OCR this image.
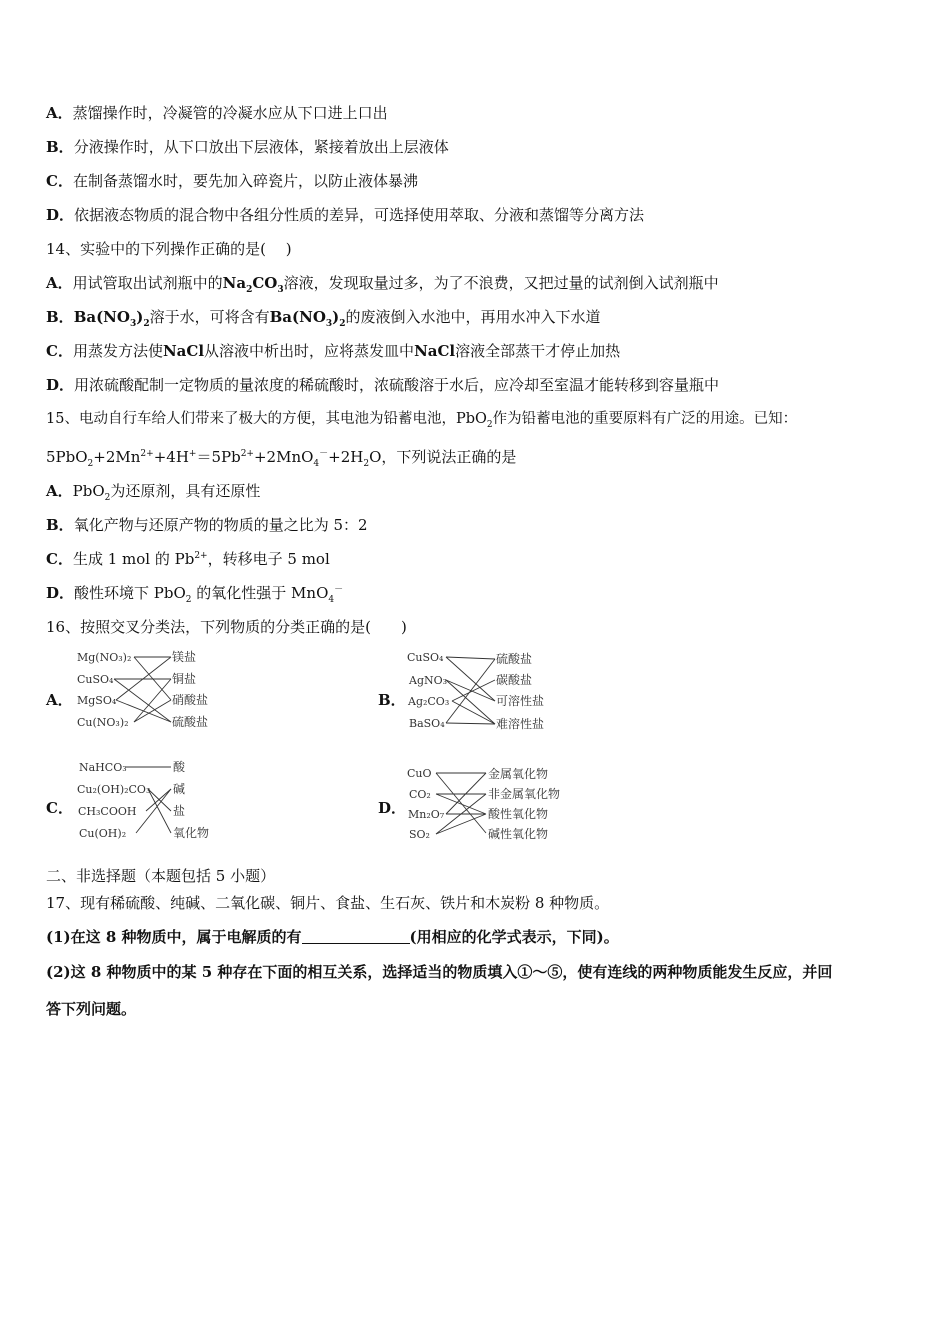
A．蒸馏操作时，冷凝管的冷凝水应从下口进上口出
B．分液操作时，从下口放出下层液体，紧接着放出上层液体
C．在制备蒸馏水时，要先加入碎瓷片，以防止液体暴沸
D．依据液态物质的混合物中各组分性质的差异，可选择使用萃取、分液和蒸馏等分离方法
14、实验中的下列操作正确的是(　 )
A．用试管取出试剂瓶中的$Na_2CO_3$溶液，发现取量过多，为了不浪费，又把过量的试剂倒入试剂瓶中
B．$Ba(NO_3)_2$溶于水，可将含有$Ba(NO_3)_2$的废液倒入水池中，再用水冲入下水道
C．用蒸发方法使NaCl从溶液中析出时，应将蒸发皿中NaCl溶液全部蒸干才停止加热
D．用浓硫酸配制一定物质的量浓度的稀硫酸时，浓硫酸溶于水后，应冷却至室温才能转移到容量瓶中
15、电动自行车给人们带来了极大的方便，其电池为铅蓄电池，PbO$_2$作为铅蓄电池的重要原料有广泛的用途。已知：
$5PbO_2+2Mn^{2+}+4H^+=5Pb^{2+}+2MnO_4^-+2H_2O$，下列说法正确的是
A．PbO$_2$为还原剂，具有还原性
B．氧化产物与还原产物的物质的量之比为 5：2
C．生成 1 mol 的 $Pb^{2+}$，转移电子 5 mol
D．酸性环境下 PbO$_2$ 的氧化性强于 MnO$_4$－
16、按照交叉分类法，下列物质的分类正确的是(　　)
A．
Mg(NO₃)₂
CuSO₄
MgSO₄
Cu(NO₃)₂
镁盐
铜盐
硝酸盐
硫酸盐
B．
CuSO₄
AgNO₃
Ag₂CO₃
BaSO₄
硫酸盐
碳酸盐
可溶性盐
难溶性盐
C．
NaHCO₃
Cu₂(OH)₂CO₃
CH₃COOH
Cu(OH)₂
酸
碱
盐
氧化物
D．
CuO
CO₂
Mn₂O₇
SO₂
金属氧化物
非金属氧化物
酸性氧化物
碱性氧化物
二、非选择题（本题包括 5 小题）
17、现有稀硫酸、纯碱、二氧化碳、铜片、食盐、生石灰、铁片和木炭粉 8 种物质。
(1)在这 8 种物质中，属于电解质的有	(用相应的化学式表示，下同)。
(2)这 8 种物质中的某 5 种存在下面的相互关系，选择适当的物质填入①～⑤，使有连线的两种物质能发生反应，并回
答下列问题。
